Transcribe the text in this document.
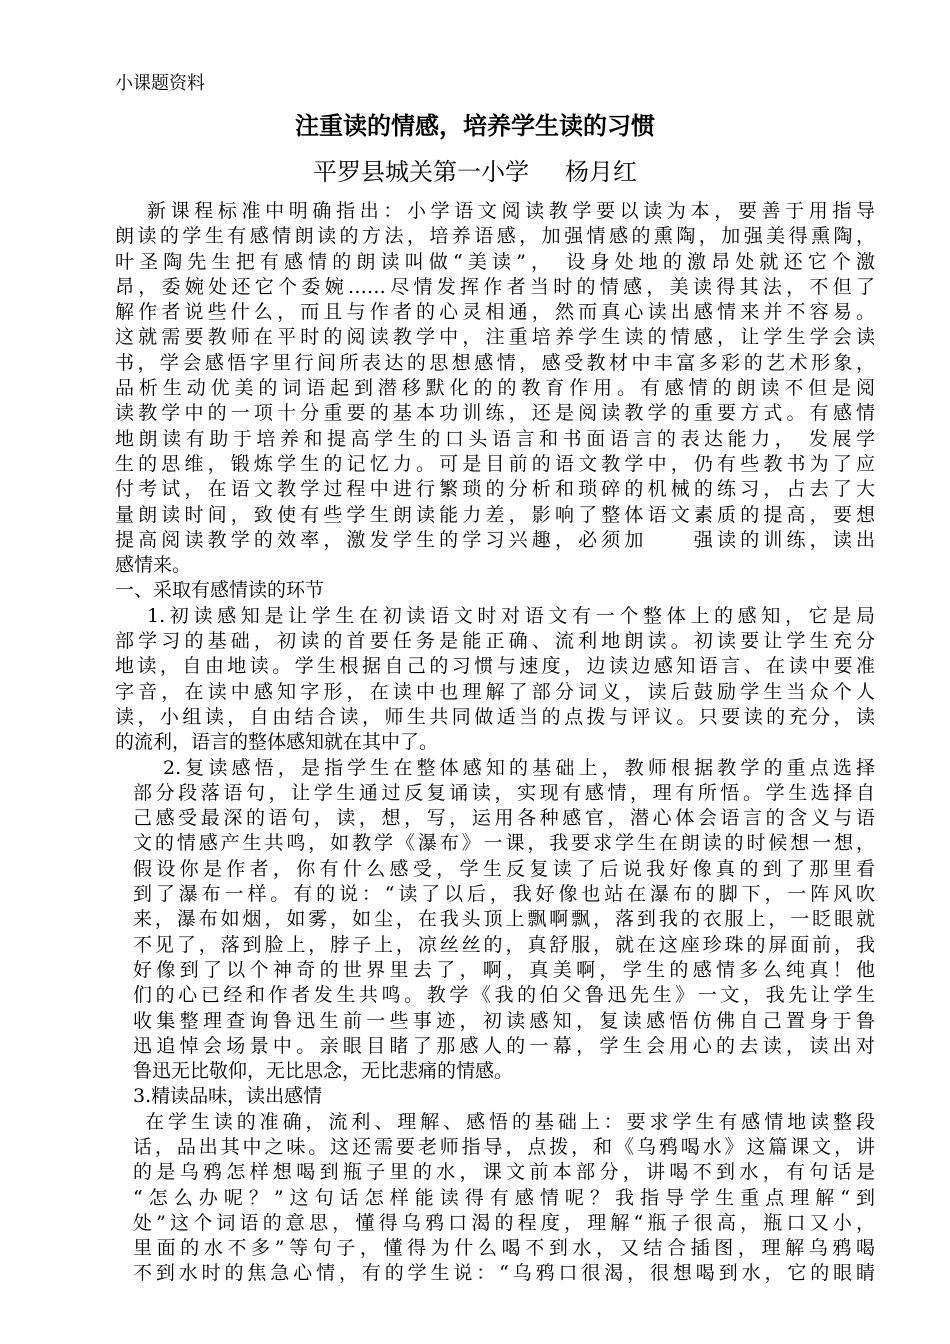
小课题资料
注重读的情感，培养学生读的习惯
平罗县城关第一小学 杨月红
新课程标准中明确指出：小学语文阅读教学要以读为本，要善于用指导
朗读的学生有感情朗读的方法，培养语感，加强情感的熏陶，加强美得熏陶，
叶圣陶先生把有感情的朗读叫做“美读”， 设身处地的激昂处就还它个激
昂，委婉处还它个委婉……尽情发挥作者当时的情感，美读得其法，不但了
解作者说些什么，而且与作者的心灵相通，然而真心读出感情来并不容易。
这就需要教师在平时的阅读教学中，注重培养学生读的情感，让学生学会读
书，学会感悟字里行间所表达的思想感情，感受教材中丰富多彩的艺术形象，
品析生动优美的词语起到潜移默化的的教育作用。有感情的朗读不但是阅
读教学中的一项十分重要的基本功训练，还是阅读教学的重要方式。有感情
地朗读有助于培养和提高学生的口头语言和书面语言的表达能力， 发展学
生的思维，锻炼学生的记忆力。可是目前的语文教学中，仍有些教书为了应
付考试，在语文教学过程中进行繁琐的分析和琐碎的机械的练习，占去了大
量朗读时间，致使有些学生朗读能力差，影响了整体语文素质的提高，要想
提高阅读教学的效率，激发学生的学习兴趣，必须加　　强读的训练，读出
感情来。
一、采取有感情读的环节
1.初读感知是让学生在初读语文时对语文有一个整体上的感知，它是局
部学习的基础，初读的首要任务是能正确、流利地朗读。初读要让学生充分
地读，自由地读。学生根据自己的习惯与速度，边读边感知语言、在读中要准
字音，在读中感知字形，在读中也理解了部分词义，读后鼓励学生当众个人
读，小组读，自由结合读，师生共同做适当的点拨与评议。只要读的充分，读
的流利，语言的整体感知就在其中了。
2.复读感悟，是指学生在整体感知的基础上，教师根据教学的重点选择
部分段落语句，让学生通过反复诵读，实现有感情，理有所悟。学生选择自
己感受最深的语句，读，想，写，运用各种感官，潜心体会语言的含义与语
文的情感产生共鸣，如教学《瀑布》一课，我要求学生在朗读的时候想一想，
假设你是作者，你有什么感受，学生反复读了后说我好像真的到了那里看
到了瀑布一样。有的说：“读了以后，我好像也站在瀑布的脚下，一阵风吹
来，瀑布如烟，如雾，如尘，在我头顶上飘啊飘，落到我的衣服上，一眨眼就
不见了，落到脸上，脖子上，凉丝丝的，真舒服，就在这座珍珠的屏面前，我
好像到了以个神奇的世界里去了，啊，真美啊，学生的感情多么纯真！他
们的心已经和作者发生共鸣。教学《我的伯父鲁迅先生》一文，我先让学生
收集整理查询鲁迅生前一些事迹，初读感知，复读感悟仿佛自己置身于鲁
迅追悼会场景中。亲眼目睹了那感人的一幕，学生会用心的去读，读出对
鲁迅无比敬仰，无比思念，无比悲痛的情感。
3.精读品味，读出感情
在学生读的准确，流利、理解、感悟的基础上：要求学生有感情地读整段
话，品出其中之味。这还需要老师指导，点拨，和《乌鸦喝水》这篇课文，讲
的是乌鸦怎样想喝到瓶子里的水，课文前本部分，讲喝不到水，有句话是
“怎么办呢？”这句话怎样能读得有感情呢？我指导学生重点理解“到
处”这个词语的意思，懂得乌鸦口渴的程度，理解“瓶子很高，瓶口又小，
里面的水不多”等句子，懂得为什么喝不到水，又结合插图，理解乌鸦喝
不到水时的焦急心情，有的学生说：“乌鸦口很渴，很想喝到水，它的眼睛
